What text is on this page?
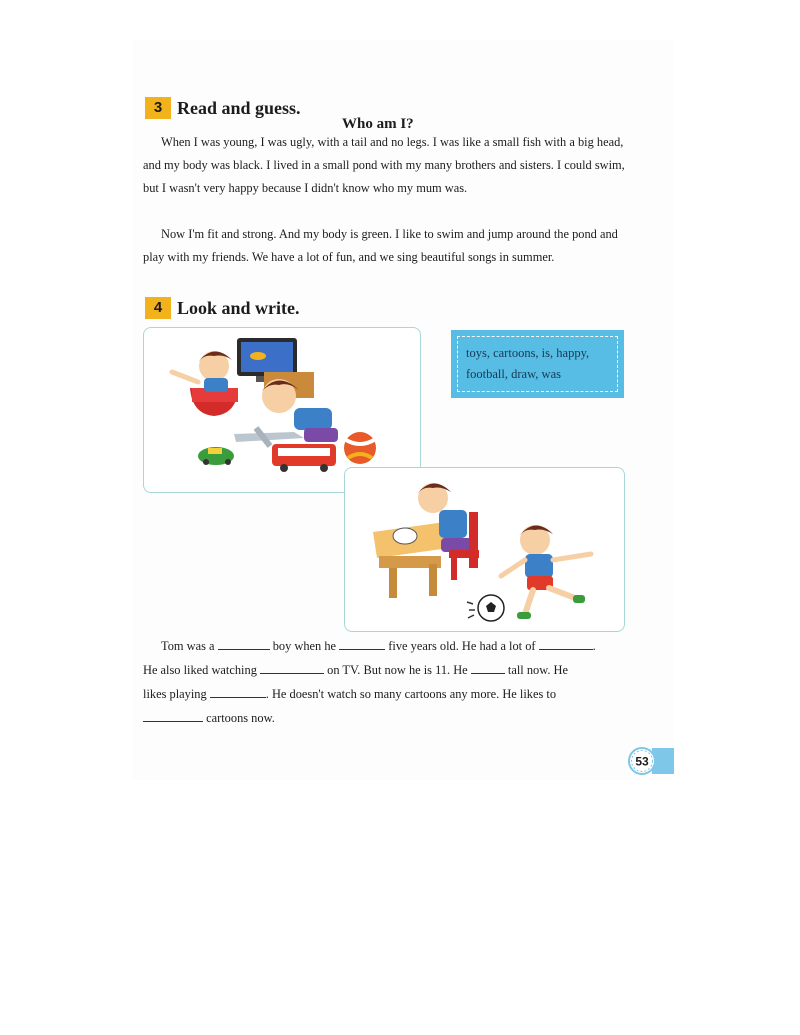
3 Read and guess.
Who am I?

When I was young, I was ugly, with a tail and no legs. I was like a small fish with a big head, and my body was black. I lived in a small pond with my many brothers and sisters. I could swim, but I wasn't very happy because I didn't know who my mum was.

Now I'm fit and strong. And my body is green. I like to swim and jump around the pond and play with my friends. We have a lot of fun, and we sing beautiful songs in summer.

4 Look and write.
toys, cartoons, is, happy, football, draw, was
Tom was a	boy when he	five years old. He had a lot of	.
He also liked watching	on TV. But now he is 11. He	tall now. He
likes playing	. He doesn't watch so many cartoons any more. He likes to
cartoons now.
53
